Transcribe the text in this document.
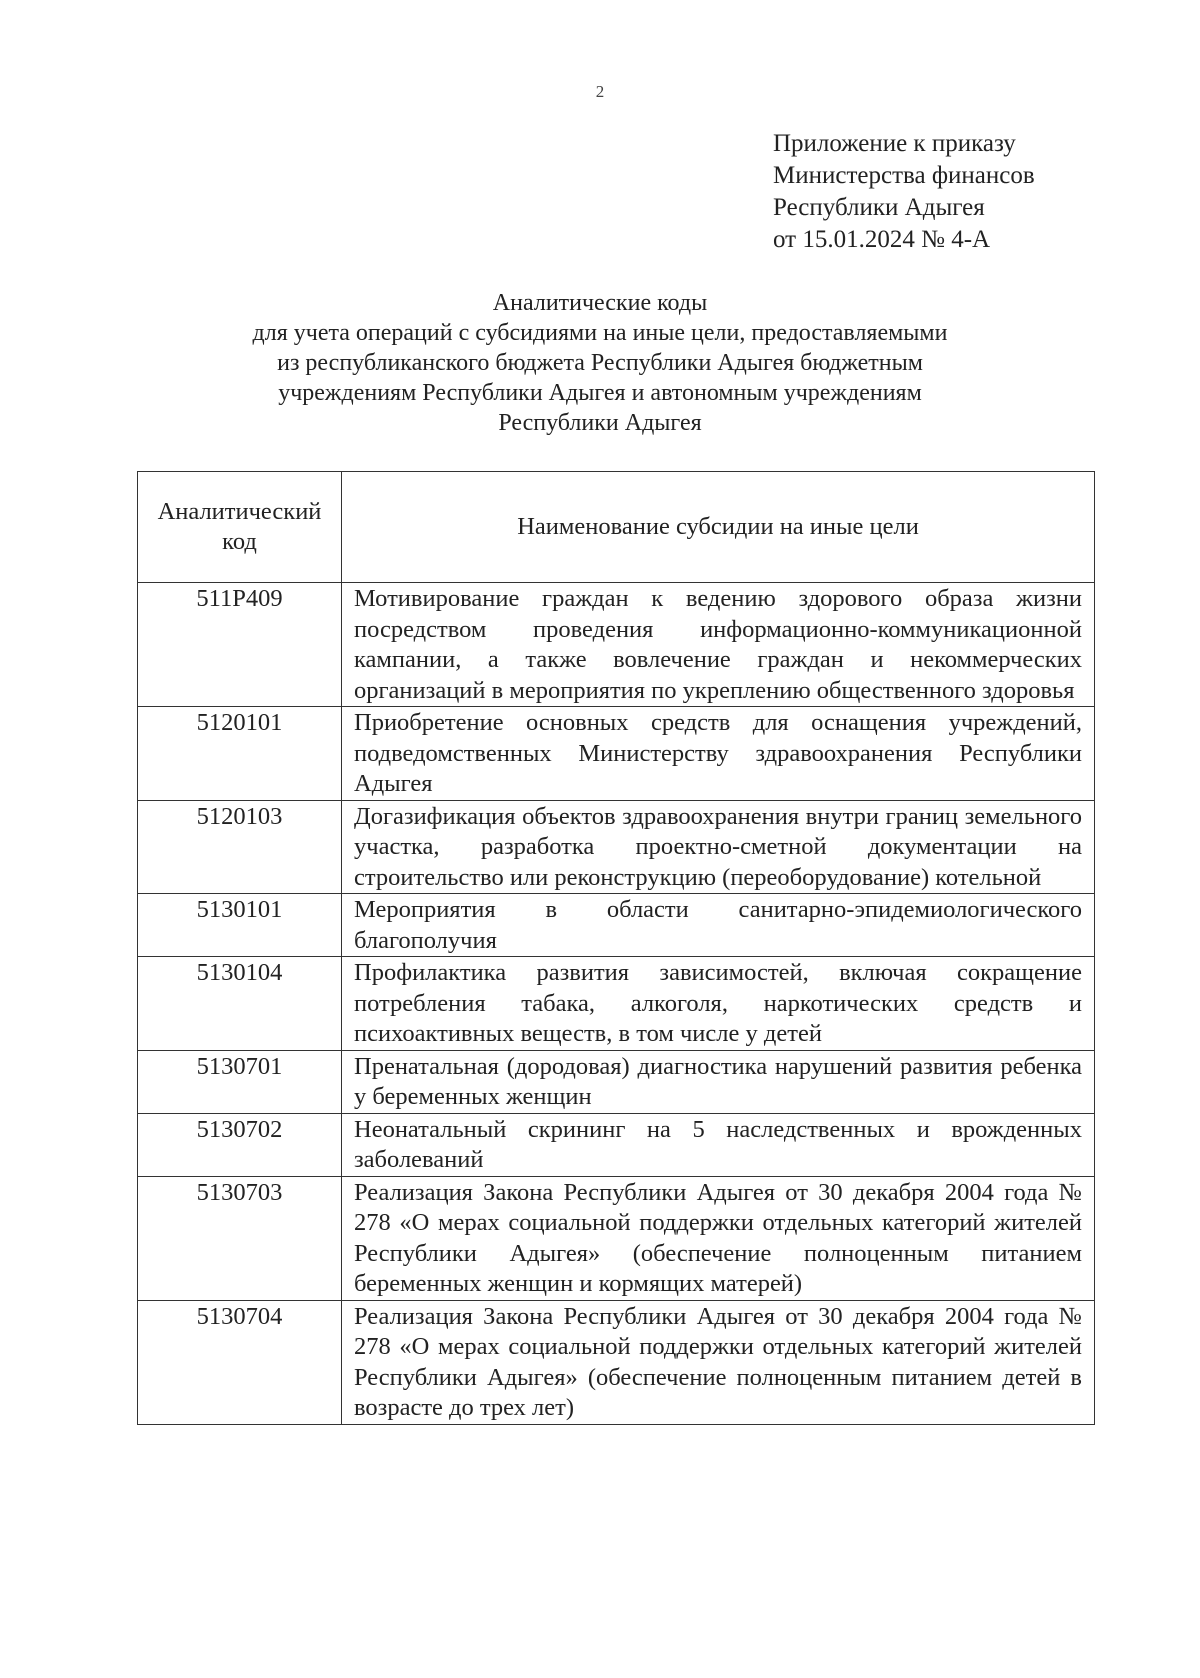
2
Приложение к приказу
Министерства финансов
Республики Адыгея
от 15.01.2024 № 4-А
Аналитические коды
для учета операций с субсидиями на иные цели, предоставляемыми
из республиканского бюджета Республики Адыгея бюджетным
учреждениям Республики Адыгея и автономным учреждениям
Республики Адыгея
Аналитический код	Наименование субсидии на иные цели
511P409	Мотивирование граждан к ведению здорового образа жизни посредством проведения информационно-коммуникационной кампании, а также вовлечение граждан и некоммерческих организаций в мероприятия по укреплению общественного здоровья
5120101	Приобретение основных средств для оснащения учреждений, подведомственных Министерству здравоохранения Республики Адыгея
5120103	Догазификация объектов здравоохранения внутри границ земельного участка, разработка проектно-сметной документации на строительство или реконструкцию (переоборудование) котельной
5130101	Мероприятия в области санитарно-эпидемиологического благополучия
5130104	Профилактика развития зависимостей, включая сокращение потребления табака, алкоголя, наркотических средств и психоактивных веществ, в том числе у детей
5130701	Пренатальная (дородовая) диагностика нарушений развития ребенка у беременных женщин
5130702	Неонатальный скрининг на 5 наследственных и врожденных заболеваний
5130703	Реализация Закона Республики Адыгея от 30 декабря 2004 года № 278 «О мерах социальной поддержки отдельных категорий жителей Республики Адыгея» (обеспечение полноценным питанием беременных женщин и кормящих матерей)
5130704	Реализация Закона Республики Адыгея от 30 декабря 2004 года № 278 «О мерах социальной поддержки отдельных категорий жителей Республики Адыгея» (обеспечение полноценным питанием детей в возрасте до трех лет)
